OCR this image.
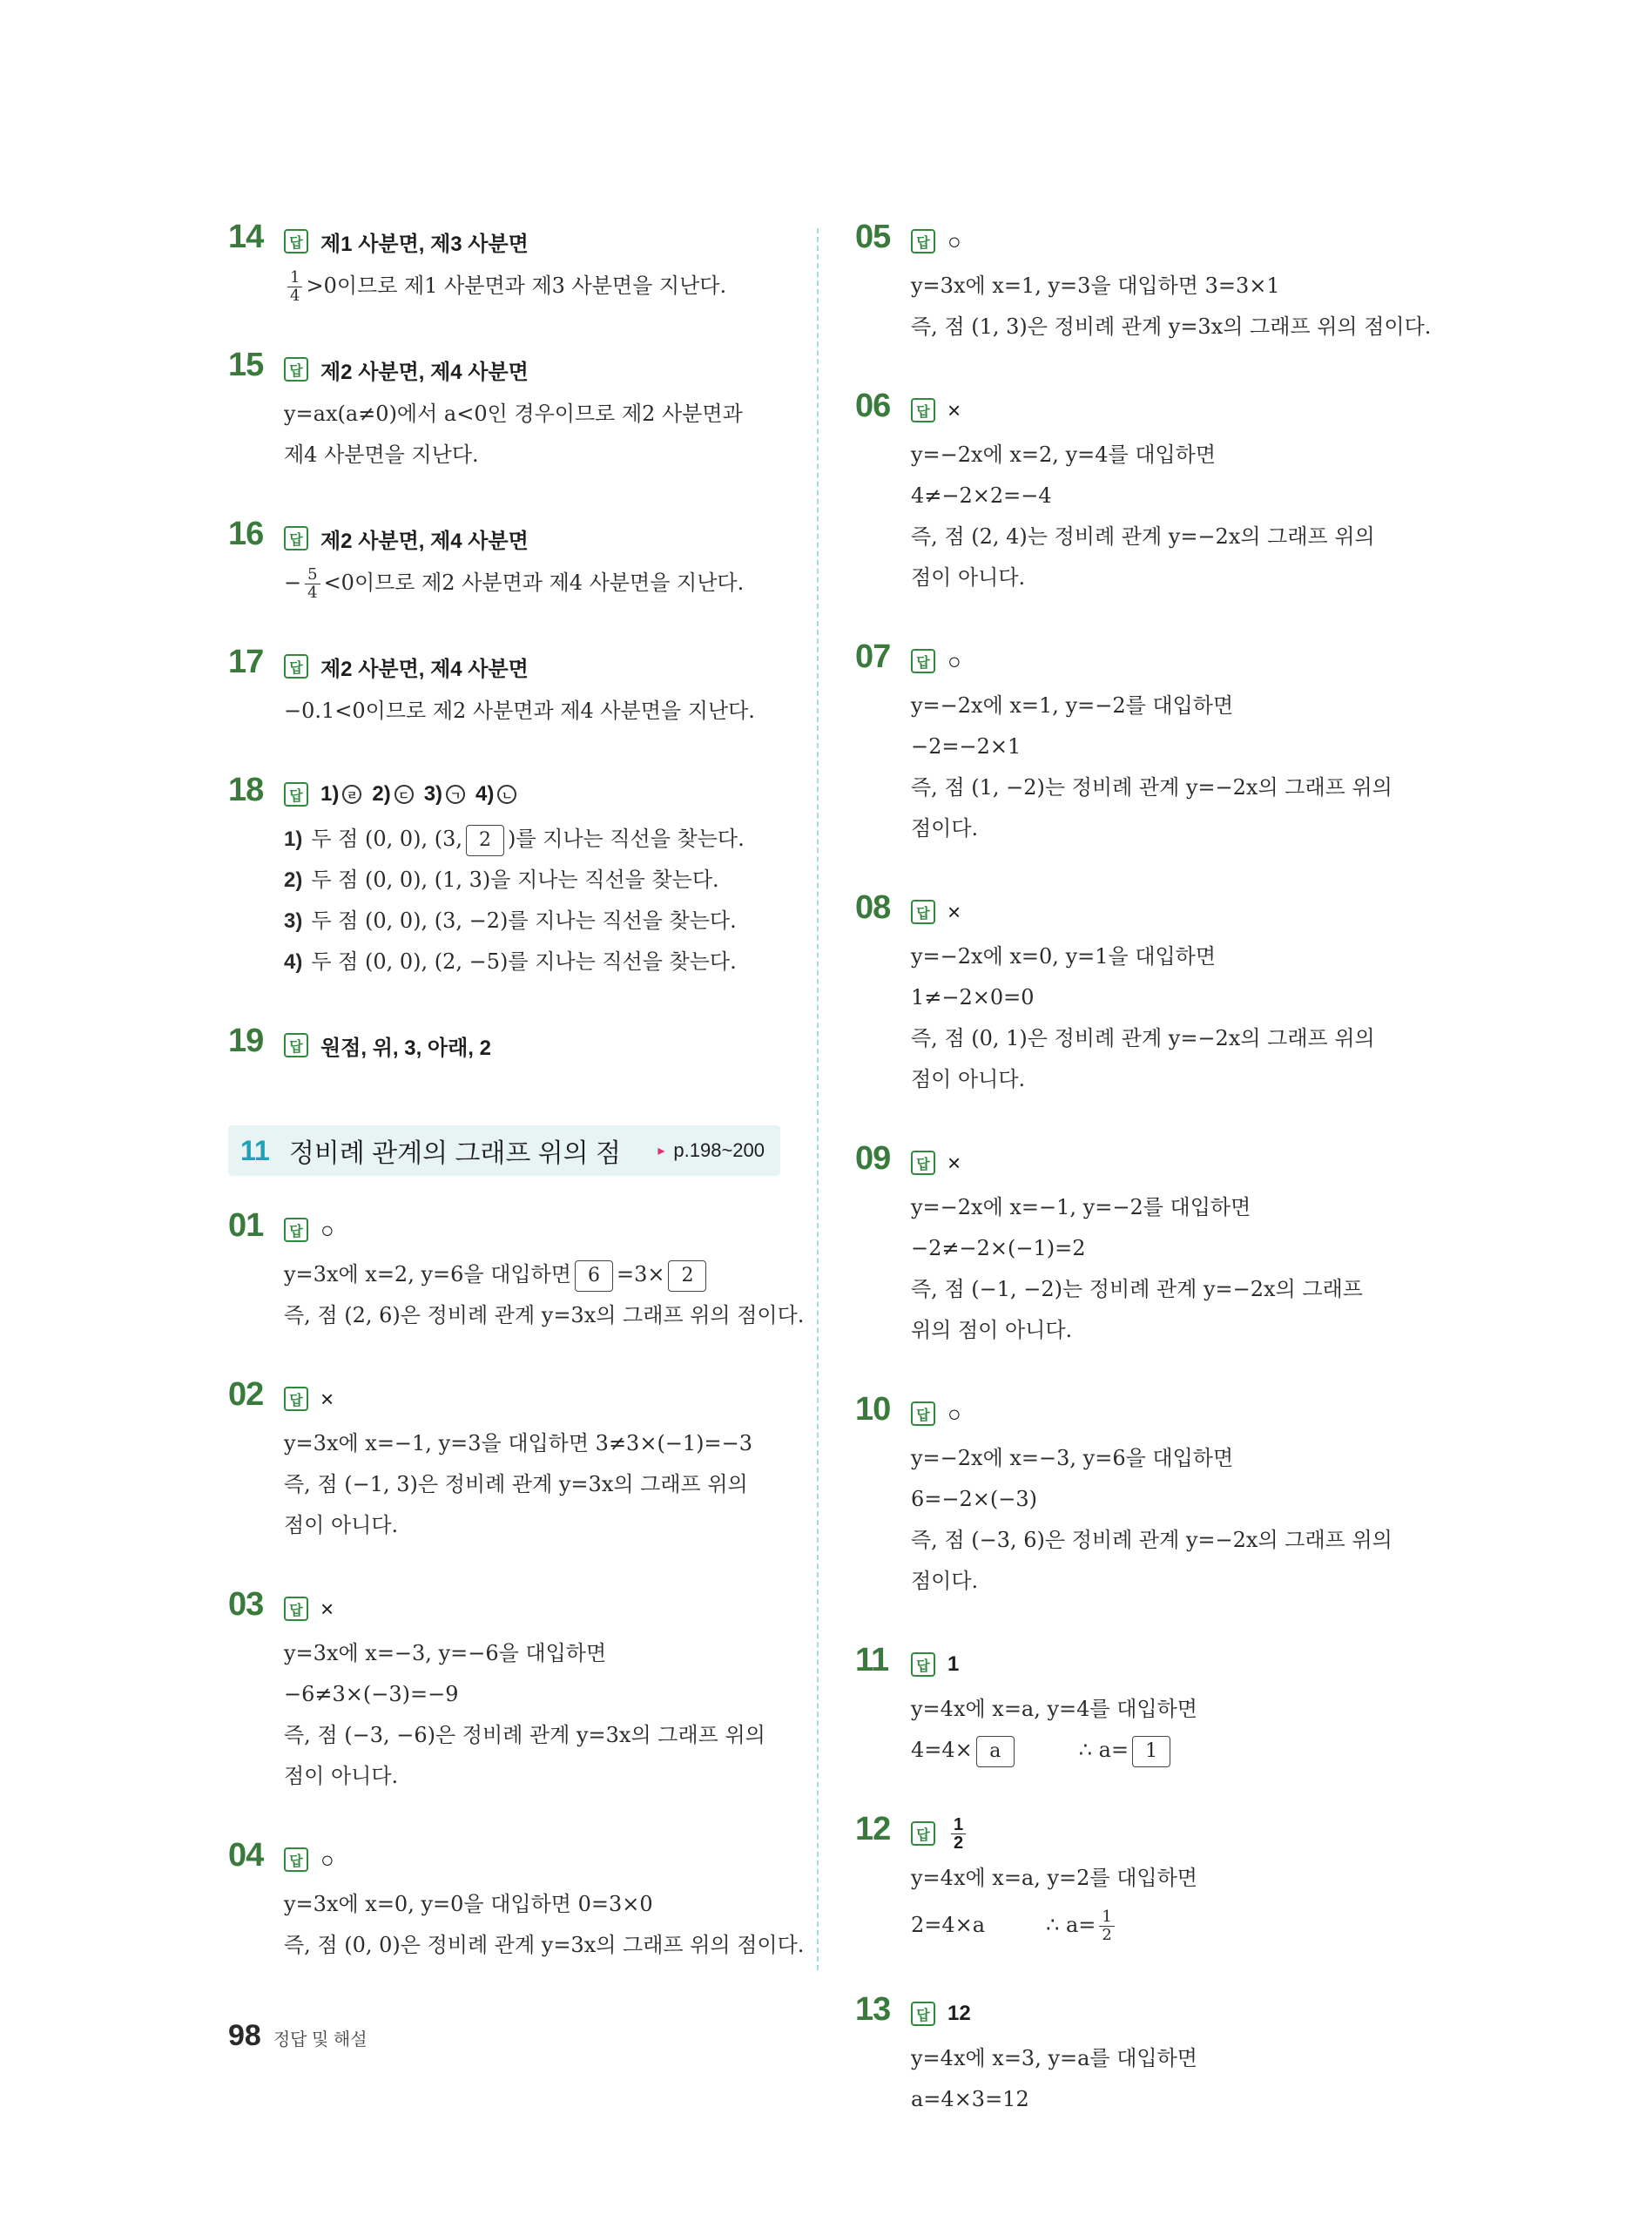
14	답 제1 사분면, 제3 사분면
$\frac{1}{4} >0$이므로 제1 사분면과 제3 사분면을 지난다.
15	답 제2 사분면, 제4 사분면
y=ax(a≠0)에서 a<0인 경우이므로 제2 사분면과
제4 사분면을 지난다.
16	답 제2 사분면, 제4 사분면
− $\frac{5}{4} <0$이므로 제2 사분면과 제4 사분면을 지난다.
17	답 제2 사분면, 제4 사분면
−0.1<0이므로 제2 사분면과 제4 사분면을 지난다.
18	답 1) ㄹ 2) ㄷ 3) ㄱ 4) ㄴ
1) 두 점 (0, 0), (3, 2 )를 지나는 직선을 찾는다.
2) 두 점 (0, 0), (1, 3)을 지나는 직선을 찾는다.
3) 두 점 (0, 0), (3, −2)를 지나는 직선을 찾는다.
4) 두 점 (0, 0), (2, −5)를 지나는 직선을 찾는다.
19	답 원점, 위, 3, 아래, 2
11 정비례 관계의 그래프 위의 점	▸ p.198~200
01	답 ○
y=3x에 x=2, y=6을 대입하면 6 =3× 2
즉, 점 (2, 6)은 정비례 관계 y=3x의 그래프 위의 점이다.
02	답 ×
y=3x에 x=−1, y=3을 대입하면 3≠3×(−1)=−3
즉, 점 (−1, 3)은 정비례 관계 y=3x의 그래프 위의
점이 아니다.
03	답 ×
y=3x에 x=−3, y=−6을 대입하면
−6≠3×(−3)=−9
즉, 점 (−3, −6)은 정비례 관계 y=3x의 그래프 위의
점이 아니다.
04	답 ○
y=3x에 x=0, y=0을 대입하면 0=3×0
즉, 점 (0, 0)은 정비례 관계 y=3x의 그래프 위의 점이다.
05	답 ○
y=3x에 x=1, y=3을 대입하면 3=3×1
즉, 점 (1, 3)은 정비례 관계 y=3x의 그래프 위의 점이다.
06	답 ×
y=−2x에 x=2, y=4를 대입하면
4≠−2×2=−4
즉, 점 (2, 4)는 정비례 관계 y=−2x의 그래프 위의
점이 아니다.
07	답 ○
y=−2x에 x=1, y=−2를 대입하면
−2=−2×1
즉, 점 (1, −2)는 정비례 관계 y=−2x의 그래프 위의
점이다.
08	답 ×
y=−2x에 x=0, y=1을 대입하면
1≠−2×0=0
즉, 점 (0, 1)은 정비례 관계 y=−2x의 그래프 위의
점이 아니다.
09	답 ×
y=−2x에 x=−1, y=−2를 대입하면
−2≠−2×(−1)=2
즉, 점 (−1, −2)는 정비례 관계 y=−2x의 그래프
위의 점이 아니다.
10	답 ○
y=−2x에 x=−3, y=6을 대입하면
6=−2×(−3)
즉, 점 (−3, 6)은 정비례 관계 y=−2x의 그래프 위의
점이다.
11	답 1
y=4x에 x=a, y=4를 대입하면
4=4× a	∴ a= 1
12	답	$\frac{1}{2}$
y=4x에 x=a, y=2를 대입하면
2=4×a	∴ $a= \frac{1}{2}$
13	답 12
y=4x에 x=3, y=a를 대입하면
a=4×3=12
98 정답 및 해설
